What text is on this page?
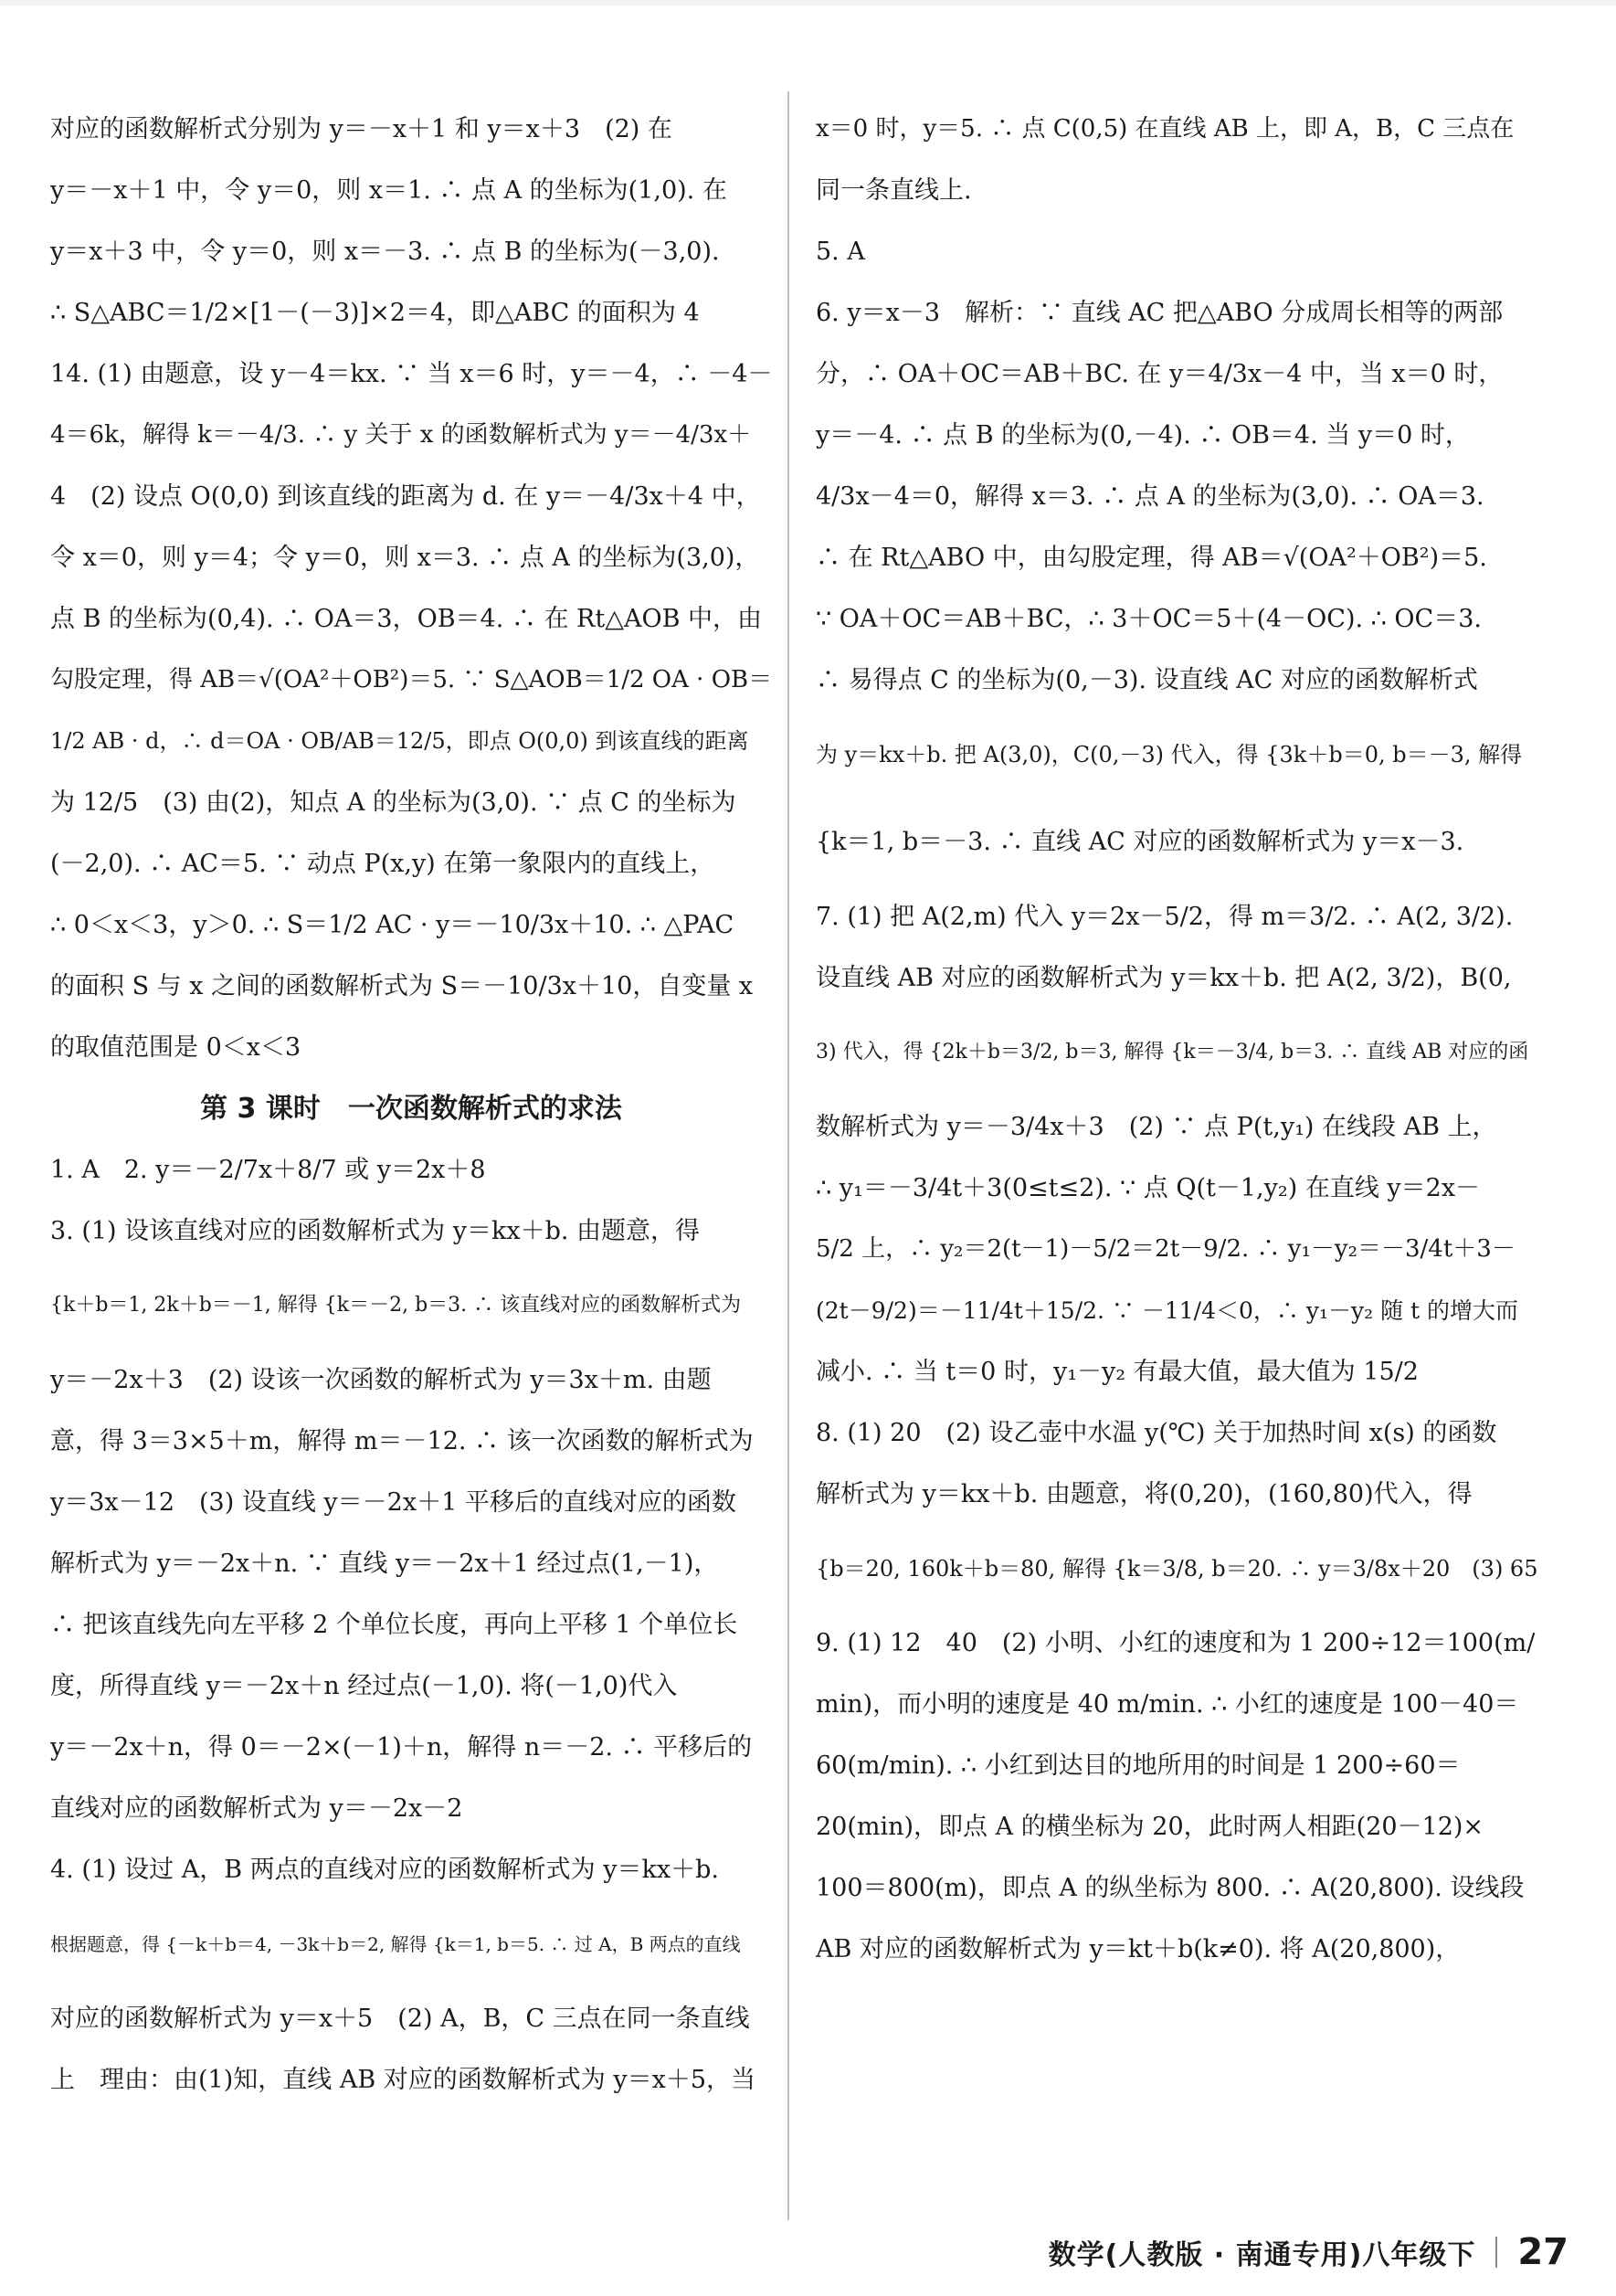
对应的函数解析式分别为 y＝－x＋1 和 y＝x＋3　(2) 在
y＝－x＋1 中，令 y＝0，则 x＝1. ∴ 点 A 的坐标为(1,0). 在
y＝x＋3 中，令 y＝0，则 x＝－3. ∴ 点 B 的坐标为(－3,0).
∴ S△ABC＝1/2×[1－(－3)]×2＝4，即△ABC 的面积为 4
14. (1) 由题意，设 y－4＝kx. ∵ 当 x＝6 时，y＝－4，∴ －4－
4＝6k，解得 k＝－4/3. ∴ y 关于 x 的函数解析式为 y＝－4/3x＋
4　(2) 设点 O(0,0) 到该直线的距离为 d. 在 y＝－4/3x＋4 中，
令 x＝0，则 y＝4；令 y＝0，则 x＝3. ∴ 点 A 的坐标为(3,0)，
点 B 的坐标为(0,4). ∴ OA＝3，OB＝4. ∴ 在 Rt△AOB 中，由
勾股定理，得 AB＝√(OA²＋OB²)＝5. ∵ S△AOB＝1/2 OA · OB＝
1/2 AB · d，∴ d＝OA · OB/AB＝12/5，即点 O(0,0) 到该直线的距离
为 12/5　(3) 由(2)，知点 A 的坐标为(3,0). ∵ 点 C 的坐标为
(－2,0). ∴ AC＝5. ∵ 动点 P(x,y) 在第一象限内的直线上，
∴ 0＜x＜3，y＞0. ∴ S＝1/2 AC · y＝－10/3x＋10. ∴ △PAC
的面积 S 与 x 之间的函数解析式为 S＝－10/3x＋10，自变量 x
的取值范围是 0＜x＜3
第 3 课时　一次函数解析式的求法
1. A　2. y＝－2/7x＋8/7 或 y＝2x＋8
3. (1) 设该直线对应的函数解析式为 y＝kx＋b. 由题意，得
{k＋b＝1, 2k＋b＝－1, 解得 {k＝－2, b＝3. ∴ 该直线对应的函数解析式为
y＝－2x＋3　(2) 设该一次函数的解析式为 y＝3x＋m. 由题
意，得 3＝3×5＋m，解得 m＝－12. ∴ 该一次函数的解析式为
y＝3x－12　(3) 设直线 y＝－2x＋1 平移后的直线对应的函数
解析式为 y＝－2x＋n. ∵ 直线 y＝－2x＋1 经过点(1,－1)，
∴ 把该直线先向左平移 2 个单位长度，再向上平移 1 个单位长
度，所得直线 y＝－2x＋n 经过点(－1,0). 将(－1,0)代入
y＝－2x＋n，得 0＝－2×(－1)＋n，解得 n＝－2. ∴ 平移后的
直线对应的函数解析式为 y＝－2x－2
4. (1) 设过 A，B 两点的直线对应的函数解析式为 y＝kx＋b.
根据题意，得 {－k＋b＝4, －3k＋b＝2, 解得 {k＝1, b＝5. ∴ 过 A，B 两点的直线
对应的函数解析式为 y＝x＋5　(2) A，B，C 三点在同一条直线
上　理由：由(1)知，直线 AB 对应的函数解析式为 y＝x＋5，当
x＝0 时，y＝5. ∴ 点 C(0,5) 在直线 AB 上，即 A，B，C 三点在
同一条直线上.
5. A
6. y＝x－3　解析：∵ 直线 AC 把△ABO 分成周长相等的两部
分，∴ OA＋OC＝AB＋BC. 在 y＝4/3x－4 中，当 x＝0 时，
y＝－4. ∴ 点 B 的坐标为(0,－4). ∴ OB＝4. 当 y＝0 时，
4/3x－4＝0，解得 x＝3. ∴ 点 A 的坐标为(3,0). ∴ OA＝3.
∴ 在 Rt△ABO 中，由勾股定理，得 AB＝√(OA²＋OB²)＝5.
∵ OA＋OC＝AB＋BC，∴ 3＋OC＝5＋(4－OC). ∴ OC＝3.
∴ 易得点 C 的坐标为(0,－3). 设直线 AC 对应的函数解析式
为 y＝kx＋b. 把 A(3,0)，C(0,－3) 代入，得 {3k＋b＝0, b＝－3, 解得
{k＝1, b＝－3. ∴ 直线 AC 对应的函数解析式为 y＝x－3.
7. (1) 把 A(2,m) 代入 y＝2x－5/2，得 m＝3/2. ∴ A(2, 3/2).
设直线 AB 对应的函数解析式为 y＝kx＋b. 把 A(2, 3/2)，B(0,
3) 代入，得 {2k＋b＝3/2, b＝3, 解得 {k＝－3/4, b＝3. ∴ 直线 AB 对应的函
数解析式为 y＝－3/4x＋3　(2) ∵ 点 P(t,y₁) 在线段 AB 上，
∴ y₁＝－3/4t＋3(0≤t≤2). ∵ 点 Q(t－1,y₂) 在直线 y＝2x－
5/2 上，∴ y₂＝2(t－1)－5/2＝2t－9/2. ∴ y₁－y₂＝－3/4t＋3－
(2t－9/2)＝－11/4t＋15/2. ∵ －11/4＜0，∴ y₁－y₂ 随 t 的增大而
减小. ∴ 当 t＝0 时，y₁－y₂ 有最大值，最大值为 15/2
8. (1) 20　(2) 设乙壶中水温 y(℃) 关于加热时间 x(s) 的函数
解析式为 y＝kx＋b. 由题意，将(0,20)，(160,80)代入，得
{b＝20, 160k＋b＝80, 解得 {k＝3/8, b＝20. ∴ y＝3/8x＋20　(3) 65
9. (1) 12　40　(2) 小明、小红的速度和为 1 200÷12＝100(m/
min)，而小明的速度是 40 m/min. ∴ 小红的速度是 100－40＝
60(m/min). ∴ 小红到达目的地所用的时间是 1 200÷60＝
20(min)，即点 A 的横坐标为 20，此时两人相距(20－12)×
100＝800(m)，即点 A 的纵坐标为 800. ∴ A(20,800). 设线段
AB 对应的函数解析式为 y＝kt＋b(k≠0). 将 A(20,800)，
数学(人教版 · 南通专用)八年级下 27
